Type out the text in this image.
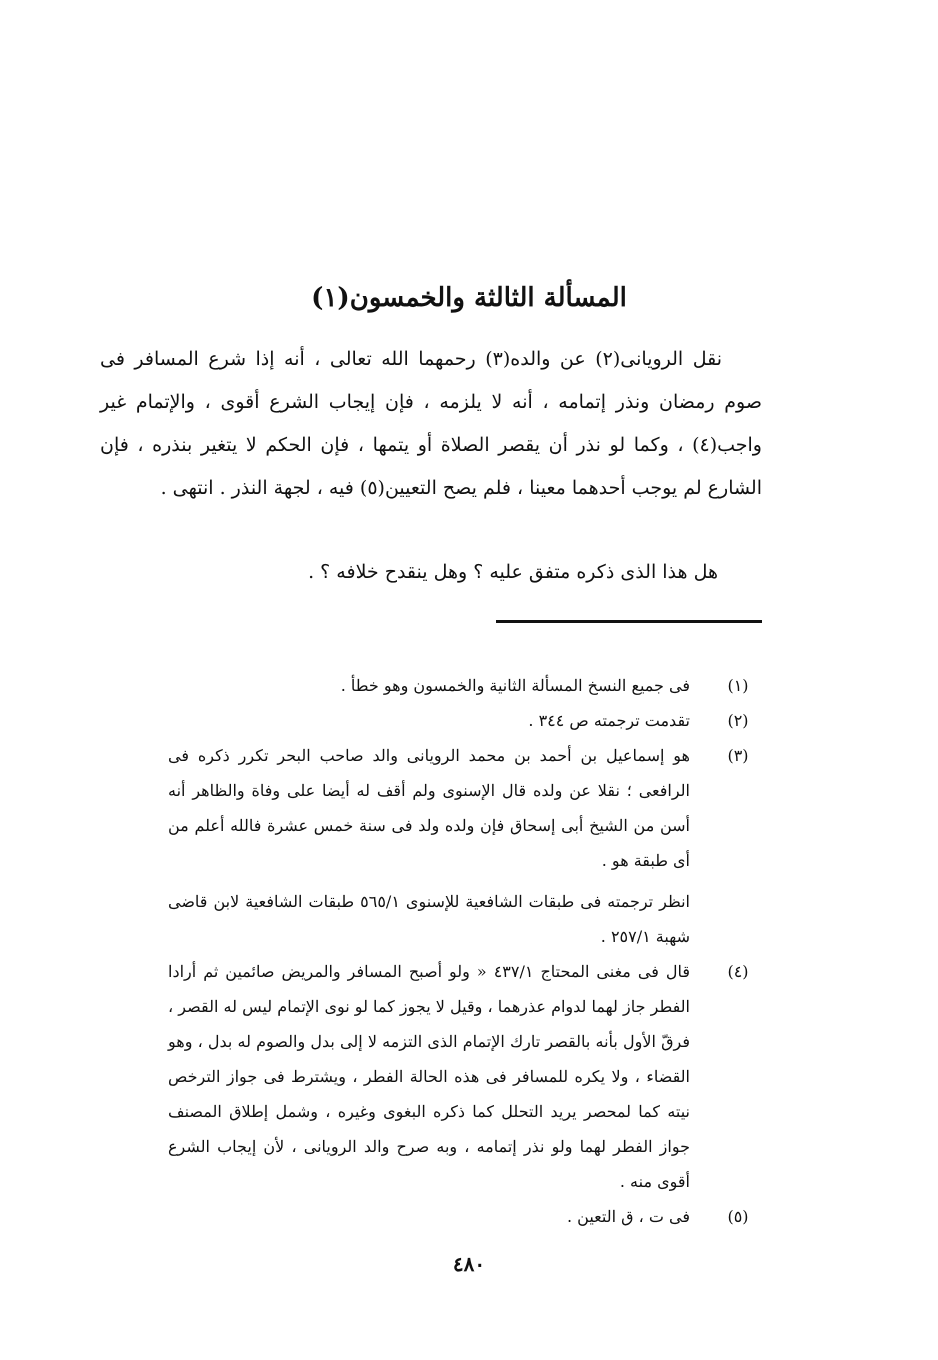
المسألة الثالثة والخمسون(١)

نقل الرويانى(٢) عن والده(٣) رحمهما الله تعالى ، أنه إذا شرع المسافر فى صوم رمضان ونذر إتمامه ، أنه لا يلزمه ، فإن إيجاب الشرع أقوى ، والإتمام غير واجب(٤) ، وكما لو نذر أن يقصر الصلاة أو يتمها ، فإن الحكم لا يتغير بنذره ، فإن الشارع لم يوجب أحدهما معينا ، فلم يصح التعيين(٥) فيه ، لجهة النذر . انتهى .

هل هذا الذى ذكره متفق عليه ؟ وهل ينقدح خلافه ؟ .
(١)
فى جميع النسخ المسألة الثانية والخمسون وهو خطأ .
(٢)
تقدمت ترجمته ص ٣٤٤ .
(٣)
هو إسماعيل بن أحمد بن محمد الرويانى والد صاحب البحر تكرر ذكره فى الرافعى ؛ نقلا عن ولده قال الإسنوى ولم أقف له أيضا على وفاة والظاهر أنه أسن من الشيخ أبى إسحاق فإن ولده ولد فى سنة خمس عشرة فالله أعلم من أى طبقة هو .
انظر ترجمته فى طبقات الشافعية للإسنوى ٥٦٥/١ طبقات الشافعية لابن قاضى شهبة ٢٥٧/١ .
(٤)
قال فى مغنى المحتاج ٤٣٧/١ « ولو أصبح المسافر والمريض صائمين ثم أرادا الفطر جاز لهما لدوام عذرهما ، وقيل لا يجوز كما لو نوى الإتمام ليس له القصر ، فرقّ الأول بأنه بالقصر تارك الإتمام الذى التزمه لا إلى بدل والصوم له بدل ، وهو القضاء ، ولا يكره للمسافر فى هذه الحالة الفطر ، ويشترط فى جواز الترخص نيته كما لمحصر يريد التحلل كما ذكره البغوى وغيره ، وشمل إطلاق المصنف جواز الفطر لهما ولو نذر إتمامه ، وبه صرح والد الرويانى ، لأن إيجاب الشرع أقوى منه .
(٥)
فى ت ، ق التعين .
٤٨٠
